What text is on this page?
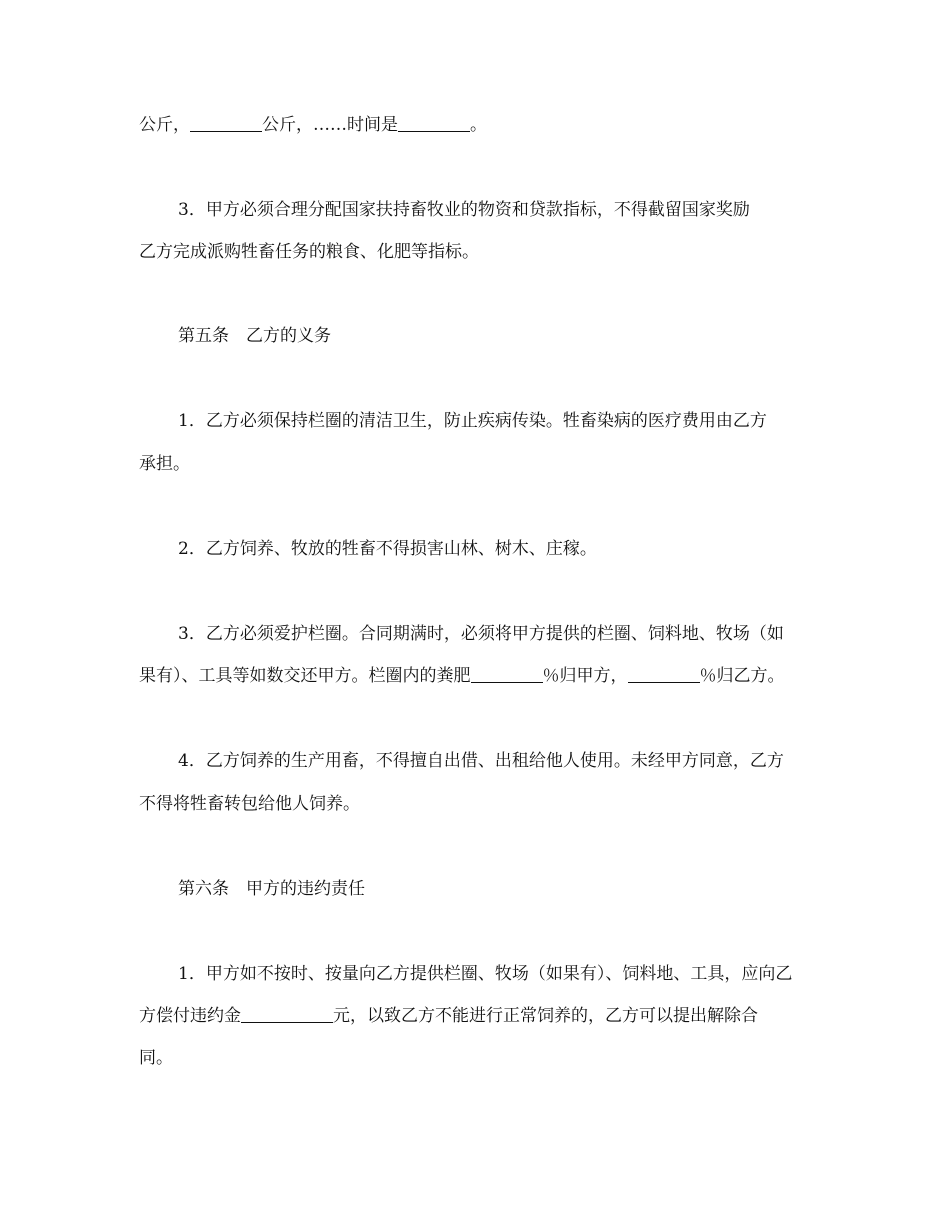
公斤，	公斤，……时间是	。
3．甲方必须合理分配国家扶持畜牧业的物资和贷款指标，不得截留国家奖励
乙方完成派购牲畜任务的粮食、化肥等指标。
第五条　乙方的义务
1．乙方必须保持栏圈的清洁卫生，防止疾病传染。牲畜染病的医疗费用由乙方
承担。
2．乙方饲养、牧放的牲畜不得损害山林、树木、庄稼。
3．乙方必须爱护栏圈。合同期满时，必须将甲方提供的栏圈、饲料地、牧场（如
果有）、工具等如数交还甲方。栏圈内的粪肥	％归甲方，	％归乙方。
4．乙方饲养的生产用畜，不得擅自出借、出租给他人使用。未经甲方同意，乙方
不得将牲畜转包给他人饲养。
第六条　甲方的违约责任
1．甲方如不按时、按量向乙方提供栏圈、牧场（如果有）、饲料地、工具，应向乙
方偿付违约金	元，以致乙方不能进行正常饲养的，乙方可以提出解除合
同。
